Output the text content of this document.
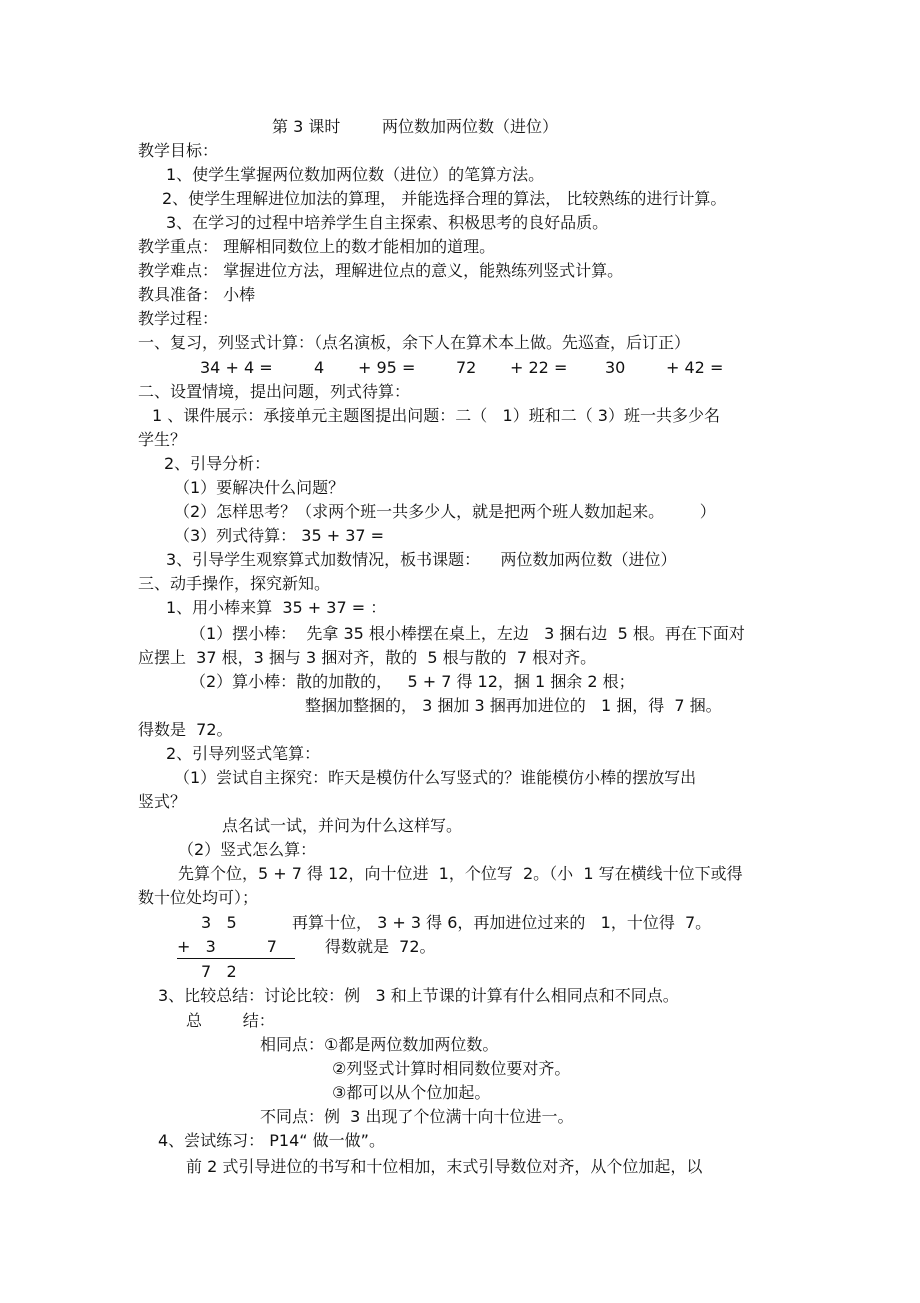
第 3 课时	两位数加两位数（进位）
教学目标：
1、使学生掌握两位数加两位数（进位）的笔算方法。
2、使学生理解进位加法的算理， 并能选择合理的算法， 比较熟练的进行计算。
3、在学习的过程中培养学生自主探索、积极思考的良好品质。
教学重点： 理解相同数位上的数才能相加的道理。
教学难点： 掌握进位方法，理解进位点的意义，能熟练列竖式计算。
教具准备： 小棒
教学过程：
一、复习，列竖式计算：（点名演板，余下人在算术本上做。先巡查，后订正）
34 + 4 =	4 + 95 =	72 + 22 = 30	+ 42 =
二、设置情境，提出问题，列式待算：
1 、课件展示：承接单元主题图提出问题：二（   1）班和二（ 3）班一共多少名
学生？
2、引导分析：
（1）要解决什么问题？
（2）怎样思考？（求两个班一共多少人，就是把两个班人数加起来。       ）
（3）列式待算： 35 + 37 =
3、引导学生观察算式加数情况，板书课题：    两位数加两位数（进位）
三、动手操作，探究新知。
1、用小棒来算  35 + 37 = ：
（1）摆小棒：  先拿 35 根小棒摆在桌上，左边   3 捆右边  5 根。再在下面对
应摆上  37 根，3 捆与 3 捆对齐，散的  5 根与散的  7 根对齐。
（2）算小棒：散的加散的，   5 + 7 得 12，捆 1 捆余 2 根；
整捆加整捆的， 3 捆加 3 捆再加进位的   1 捆，得  7 捆。
得数是  72。
2、引导列竖式笔算：
（1）尝试自主探究：昨天是模仿什么写竖式的？谁能模仿小棒的摆放写出
竖式？
点名试一试，并问为什么这样写。
（2）竖式怎么算：
先算个位，5 + 7 得 12，向十位进  1，个位写  2。（小  1 写在横线十位下或得
数十位处均可）；
3   5	再算十位， 3 + 3 得 6，再加进位过来的   1，十位得  7。
+   3          7	得数就是  72。
7   2
3、比较总结：讨论比较：例   3 和上节课的计算有什么相同点和不同点。
总        结：
相同点：①都是两位数加两位数。
②列竖式计算时相同数位要对齐。
③都可以从个位加起。
不同点：例  3 出现了个位满十向十位进一。
4、尝试练习： P14“ 做一做”。
前 2 式引导进位的书写和十位相加，末式引导数位对齐，从个位加起，以
